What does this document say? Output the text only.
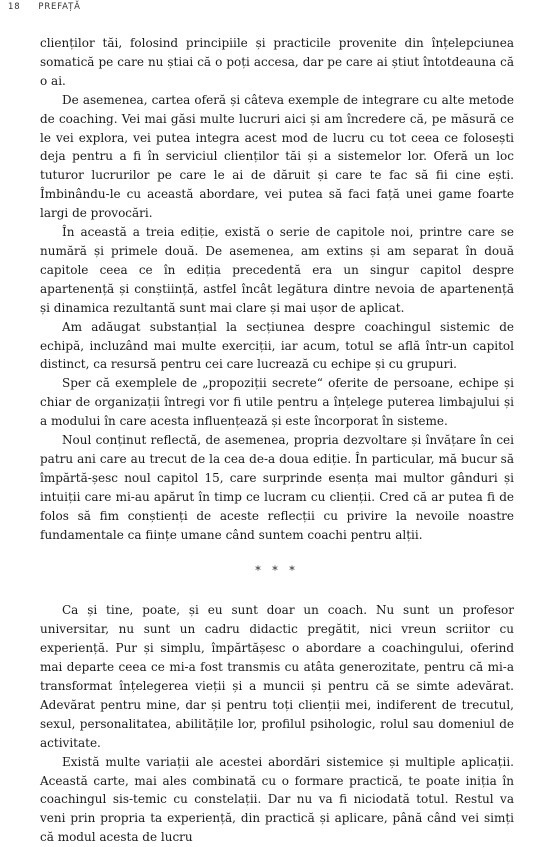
18 PREFAȚĂ

clienților tăi, folosind principiile și practicile provenite din înțelepciunea somatică pe care nu știai că o poți accesa, dar pe care ai știut întotdeauna că o ai.

De asemenea, cartea oferă și câteva exemple de integrare cu alte metode de coaching. Vei mai găsi multe lucruri aici și am încredere că, pe măsură ce le vei explora, vei putea integra acest mod de lucru cu tot ceea ce folosești deja pentru a fi în serviciul clienților tăi și a sistemelor lor. Oferă un loc tuturor lucrurilor pe care le ai de dăruit și care te fac să fii cine ești. Îmbinându-le cu această abordare, vei putea să faci față unei game foarte largi de provocări.

În această a treia ediție, există o serie de capitole noi, printre care se numără și primele două. De asemenea, am extins și am separat în două capitole ceea ce în ediția precedentă era un singur capitol despre apartenență și conștiință, astfel încât legătura dintre nevoia de apartenență și dinamica rezultantă sunt mai clare și mai ușor de aplicat.

Am adăugat substanțial la secțiunea despre coachingul sistemic de echipă, incluzând mai multe exerciții, iar acum, totul se află într-un capitol distinct, ca resursă pentru cei care lucrează cu echipe și cu grupuri.

Sper că exemplele de „propoziții secrete“ oferite de persoane, echipe și chiar de organizații întregi vor fi utile pentru a înțelege puterea limbajului și a modului în care acesta influențează și este încorporat în sisteme.

Noul conținut reflectă, de asemenea, propria dezvoltare și învățare în cei patru ani care au trecut de la cea de-a doua ediție. În particular, mă bucur să împărtă-șesc noul capitol 15, care surprinde esența mai multor gânduri și intuiții care mi-au apărut în timp ce lucram cu clienții. Cred că ar putea fi de folos să fim conștienți de aceste reflecții cu privire la nevoile noastre fundamentale ca ființe umane când suntem coachi pentru alții.

* * *

Ca și tine, poate, și eu sunt doar un coach. Nu sunt un profesor universitar, nu sunt un cadru didactic pregătit, nici vreun scriitor cu experiență. Pur și simplu, împărtășesc o abordare a coachingului, oferind mai departe ceea ce mi-a fost transmis cu atâta generozitate, pentru că mi-a transformat înțelegerea vieții și a muncii și pentru că se simte adevărat. Adevărat pentru mine, dar și pentru toți clienții mei, indiferent de trecutul, sexul, personalitatea, abilitățile lor, profilul psihologic, rolul sau domeniul de activitate.

Există multe variații ale acestei abordări sistemice și multiple aplicații. Această carte, mai ales combinată cu o formare practică, te poate iniția în coachingul sis-temic cu constelații. Dar nu va fi niciodată totul. Restul va veni prin propria ta experiență, din practică și aplicare, până când vei simți că modul acesta de lucru
